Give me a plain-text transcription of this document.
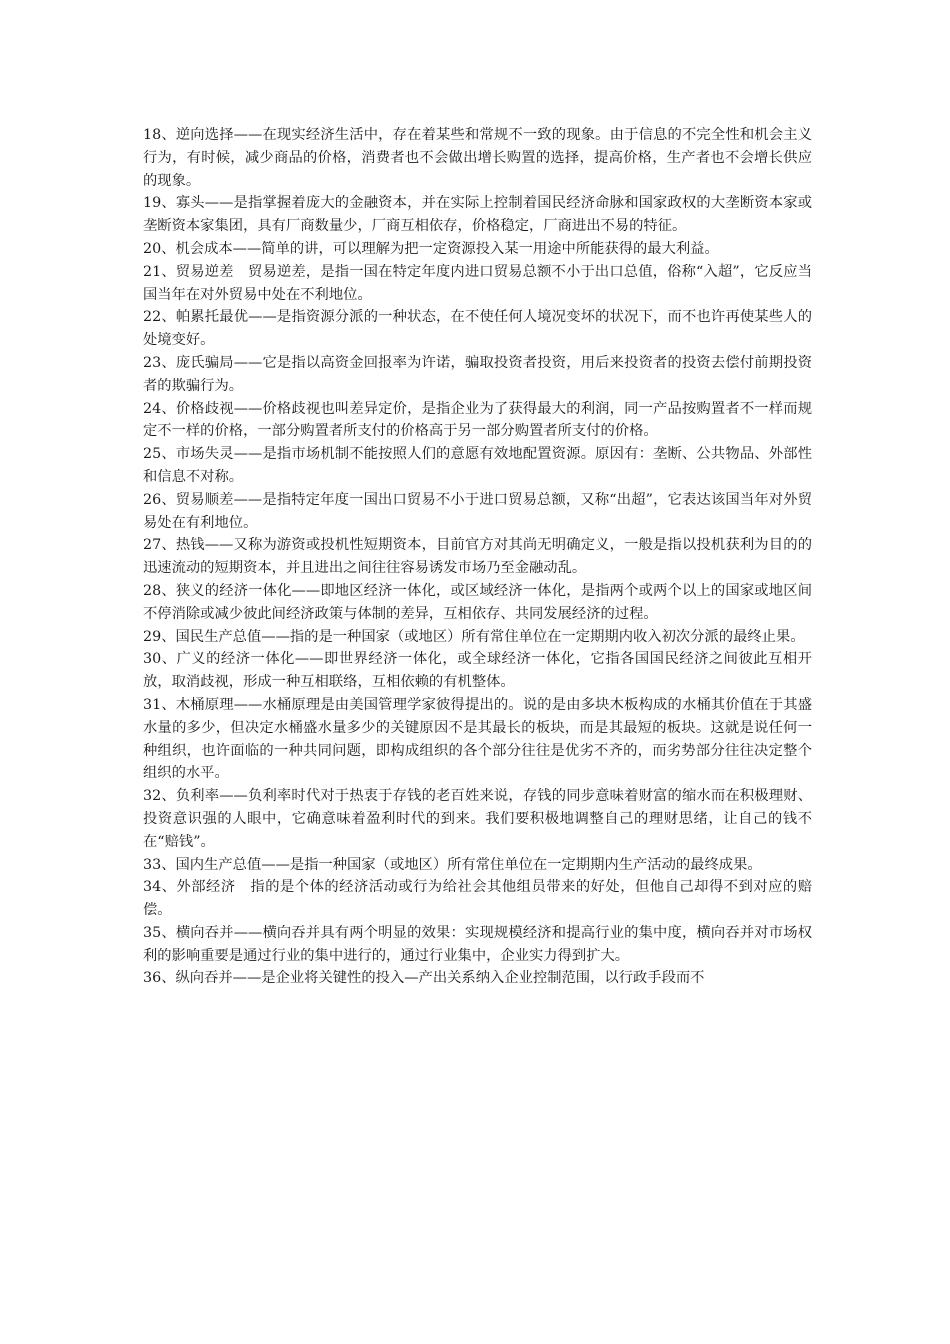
18、逆向选择——在现实经济生活中，存在着某些和常规不一致的现象。由于信息的不完全性和机会主义行为，有时候，减少商品的价格，消费者也不会做出增长购置的选择，提高价格，生产者也不会增长供应的现象。

19、寡头——是指掌握着庞大的金融资本，并在实际上控制着国民经济命脉和国家政权的大垄断资本家或垄断资本家集团，具有厂商数量少，厂商互相依存，价格稳定，厂商进出不易的特征。

20、机会成本——简单的讲，可以理解为把一定资源投入某一用途中所能获得的最大利益。

21、贸易逆差　贸易逆差，是指一国在特定年度内进口贸易总额不小于出口总值，俗称“入超”，它反应当国当年在对外贸易中处在不利地位。

22、帕累托最优——是指资源分派的一种状态，在不使任何人境况变坏的状况下，而不也许再使某些人的处境变好。

23、庞氏骗局——它是指以高资金回报率为许诺，骗取投资者投资，用后来投资者的投资去偿付前期投资者的欺骗行为。

24、价格歧视——价格歧视也叫差异定价，是指企业为了获得最大的利润，同一产品按购置者不一样而规定不一样的价格，一部分购置者所支付的价格高于另一部分购置者所支付的价格。

25、市场失灵——是指市场机制不能按照人们的意愿有效地配置资源。原因有：垄断、公共物品、外部性和信息不对称。

26、贸易顺差——是指特定年度一国出口贸易不小于进口贸易总额，又称“出超”，它表达该国当年对外贸易处在有利地位。

27、热钱——又称为游资或投机性短期资本，目前官方对其尚无明确定义，一般是指以投机获利为目的的迅速流动的短期资本，并且进出之间往往容易诱发市场乃至金融动乱。

28、狭义的经济一体化——即地区经济一体化，或区域经济一体化，是指两个或两个以上的国家或地区间不停消除或减少彼此间经济政策与体制的差异，互相依存、共同发展经济的过程。

29、国民生产总值——指的是一种国家（或地区）所有常住单位在一定期期内收入初次分派的最终止果。

30、广义的经济一体化——即世界经济一体化，或全球经济一体化，它指各国国民经济之间彼此互相开放，取消歧视，形成一种互相联络，互相依赖的有机整体。

31、木桶原理——水桶原理是由美国管理学家彼得提出的。说的是由多块木板构成的水桶其价值在于其盛水量的多少，但决定水桶盛水量多少的关键原因不是其最长的板块，而是其最短的板块。这就是说任何一种组织，也许面临的一种共同问题，即构成组织的各个部分往往是优劣不齐的，而劣势部分往往决定整个组织的水平。

32、负利率——负利率时代对于热衷于存钱的老百姓来说，存钱的同步意味着财富的缩水而在积极理财、投资意识强的人眼中，它确意味着盈利时代的到来。我们要积极地调整自己的理财思绪，让自己的钱不在“赔钱”。

33、国内生产总值——是指一种国家（或地区）所有常住单位在一定期期内生产活动的最终成果。

34、外部经济　指的是个体的经济活动或行为给社会其他组员带来的好处，但他自己却得不到对应的赔偿。

35、横向吞并——横向吞并具有两个明显的效果：实现规模经济和提高行业的集中度，横向吞并对市场权利的影响重要是通过行业的集中进行的，通过行业集中，企业实力得到扩大。

36、纵向吞并——是企业将关键性的投入—产出关系纳入企业控制范围，以行政手段而不
